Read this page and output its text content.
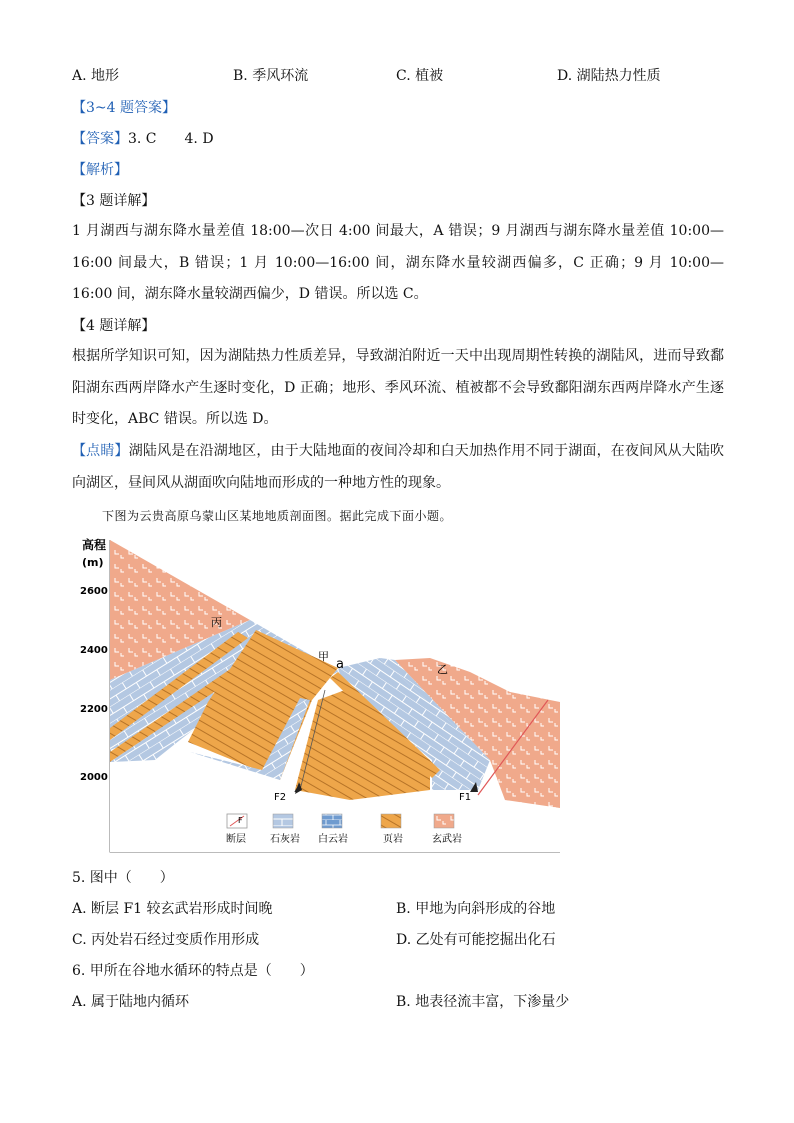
A. 地形	B. 季风环流	C. 植被	D. 湖陆热力性质
【3~4 题答案】
【答案】3. C　　4. D
【解析】
【3 题详解】
1 月湖西与湖东降水量差值 18:00—次日 4:00 间最大，A 错误；9 月湖西与湖东降水量差值 10:00—16:00 间最大，B 错误；1 月 10:00—16:00 间，湖东降水量较湖西偏多，C 正确；9 月 10:00—16:00 间，湖东降水量较湖西偏少，D 错误。所以选 C。
【4 题详解】
根据所学知识可知，因为湖陆热力性质差异，导致湖泊附近一天中出现周期性转换的湖陆风，进而导致鄱阳湖东西两岸降水产生逐时变化，D 正确；地形、季风环流、植被都不会导致鄱阳湖东西两岸降水产生逐时变化，ABC 错误。所以选 D。
【点睛】湖陆风是在沿湖地区，由于大陆地面的夜间冷却和白天加热作用不同于湖面，在夜间风从大陆吹向湖区，昼间风从湖面吹向陆地而形成的一种地方性的现象。
下图为云贵高原乌蒙山区某地地质剖面图。据此完成下面小题。
高程
(m)
2600
2400
2200
2000
丙
甲
a	乙
F2	F1
F
断层 石灰岩 白云岩	页岩	玄武岩
5. 图中（　　）
A. 断层 F1 较玄武岩形成时间晚	B. 甲地为向斜形成的谷地
C. 丙处岩石经过变质作用形成	D. 乙处有可能挖掘出化石
6. 甲所在谷地水循环的特点是（　　）
A. 属于陆地内循环	B. 地表径流丰富，下渗量少
